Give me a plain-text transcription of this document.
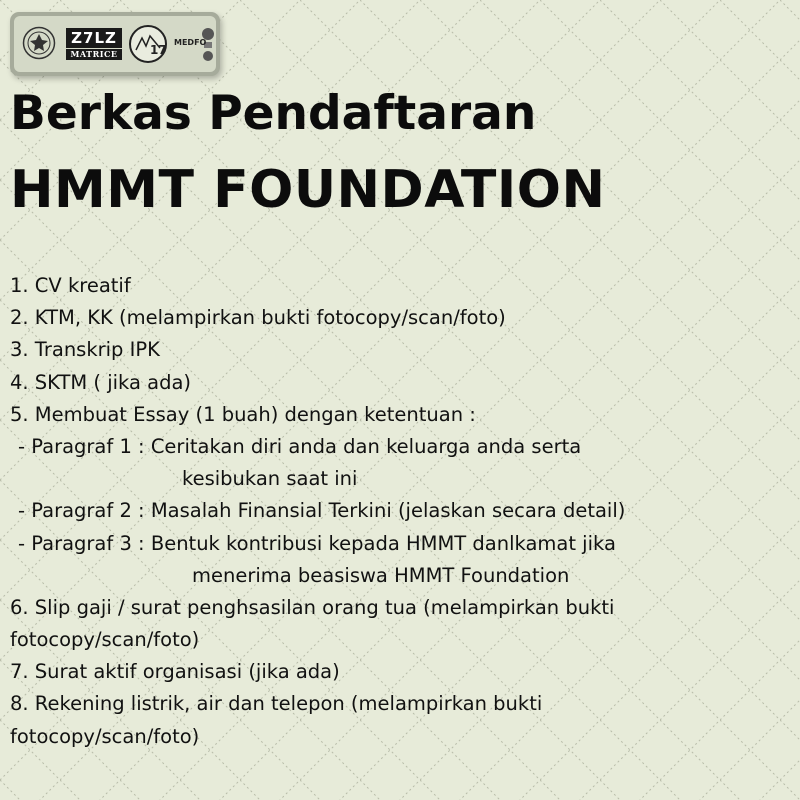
Z7LZ
MATRICE	17
MEDFO
Berkas Pendaftaran
HMMT FOUNDATION
1. CV kreatif
2. KTM, KK (melampirkan bukti fotocopy/scan/foto)
3. Transkrip IPK
4. SKTM ( jika ada)
5. Membuat Essay (1 buah) dengan ketentuan :
- Paragraf 1 : Ceritakan diri anda dan keluarga anda serta
kesibukan saat ini
- Paragraf 2 : Masalah Finansial Terkini (jelaskan secara detail)
- Paragraf 3 : Bentuk kontribusi kepada HMMT danlkamat jika
menerima beasiswa HMMT Foundation
6. Slip gaji / surat penghsasilan orang tua (melampirkan bukti
fotocopy/scan/foto)
7. Surat aktif organisasi (jika ada)
8. Rekening listrik, air dan telepon (melampirkan bukti
fotocopy/scan/foto)
